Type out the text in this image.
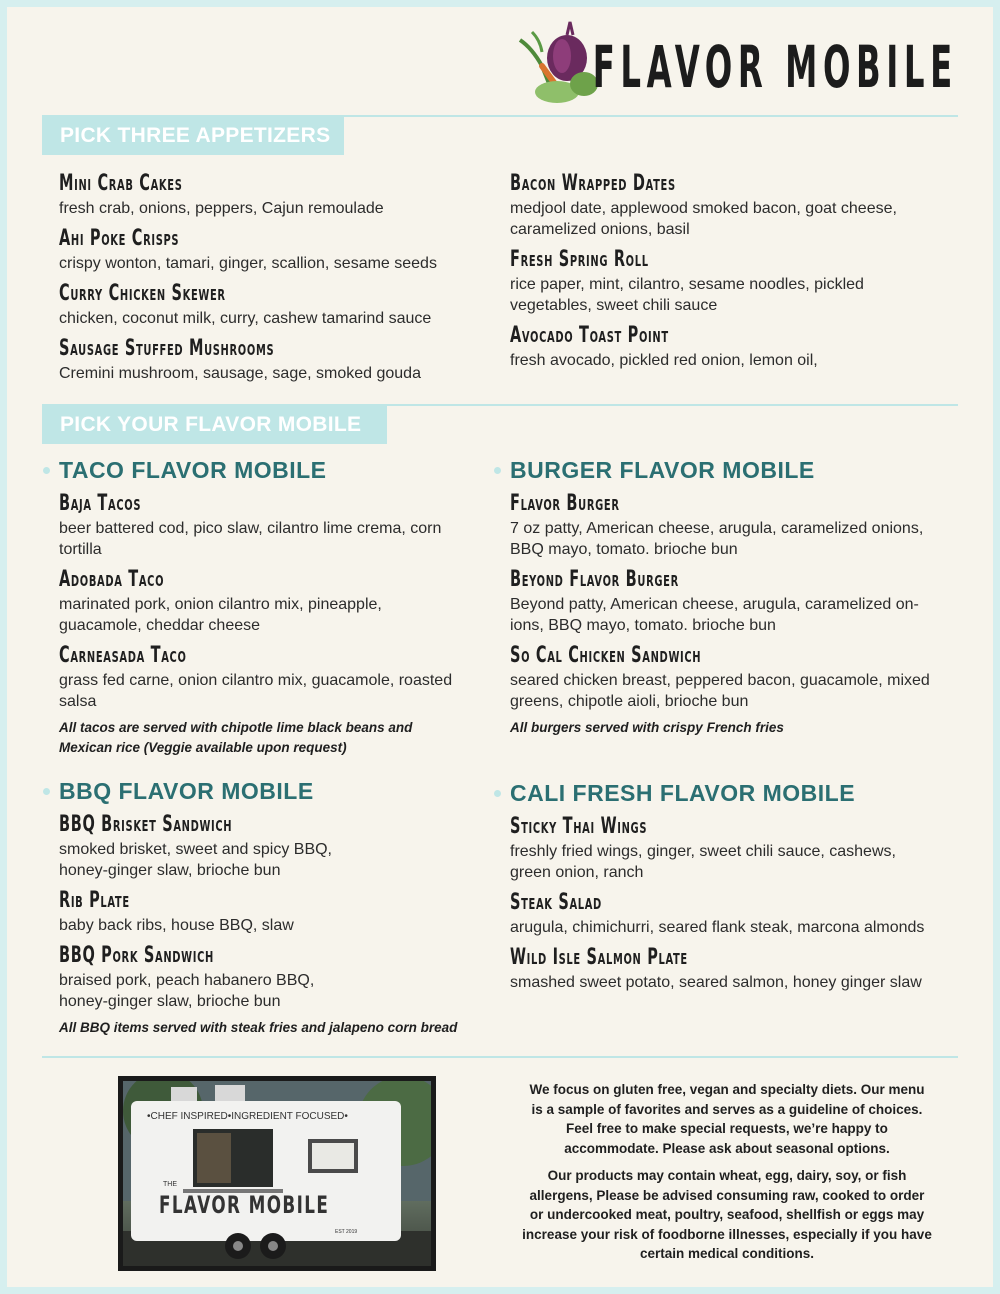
FLAVOR MOBILE
PICK THREE APPETIZERS
Mini Crab Cakes
fresh crab, onions, peppers, Cajun remoulade
Ahi Poke Crisps
crispy wonton, tamari, ginger, scallion, sesame seeds
Curry Chicken Skewer
chicken, coconut milk, curry, cashew tamarind sauce
Sausage Stuffed Mushrooms
Cremini mushroom, sausage, sage, smoked gouda
Bacon Wrapped Dates
medjool date, applewood smoked bacon, goat cheese, caramelized onions, basil
Fresh Spring Roll
rice paper, mint, cilantro, sesame noodles, pickled vegetables, sweet chili sauce
Avocado Toast Point
fresh avocado, pickled red onion, lemon oil,
PICK YOUR FLAVOR MOBILE
TACO FLAVOR MOBILE
Baja Tacos
beer battered cod, pico slaw, cilantro lime crema, corn tortilla
Adobada Taco
marinated pork, onion cilantro mix, pineapple, guacamole, cheddar cheese
Carneasada Taco
grass fed carne, onion cilantro mix, guacamole, roasted salsa
All tacos are served with chipotle lime black beans and Mexican rice (Veggie available upon request)
BURGER FLAVOR MOBILE
Flavor Burger
7 oz patty, American cheese, arugula, caramelized onions, BBQ mayo, tomato. brioche bun
Beyond Flavor Burger
Beyond patty, American cheese, arugula, caramelized on-ions, BBQ mayo, tomato. brioche bun
So Cal Chicken Sandwich
seared chicken breast, peppered bacon, guacamole, mixed greens, chipotle aioli, brioche bun
All burgers served with crispy French fries
BBQ FLAVOR MOBILE
BBQ Brisket Sandwich
smoked brisket, sweet and spicy BBQ, honey-ginger slaw, brioche bun
Rib Plate
baby back ribs, house BBQ, slaw
BBQ Pork Sandwich
braised pork, peach habanero BBQ, honey-ginger slaw, brioche bun
All BBQ items served with steak fries and jalapeno corn bread
CALI FRESH FLAVOR MOBILE
Sticky Thai Wings
freshly fried wings, ginger, sweet chili sauce, cashews, green onion, ranch
Steak Salad
arugula, chimichurri, seared flank steak, marcona almonds
Wild Isle Salmon Plate
smashed sweet potato, seared salmon, honey ginger slaw
•CHEF INSPIRED•INGREDIENT FOCUSED•
THE
FLAVOR MOBILE
EST 2019

We focus on gluten free, vegan and specialty diets. Our menu is a sample of favorites and serves as a guideline of choices. Feel free to make special requests, we’re happy to accommodate. Please ask about seasonal options.

Our products may contain wheat, egg, dairy, soy, or fish allergens, Please be advised consuming raw, cooked to order or undercooked meat, poultry, seafood, shellfish or eggs may increase your risk of foodborne illnesses, especially if you have certain medical conditions.
